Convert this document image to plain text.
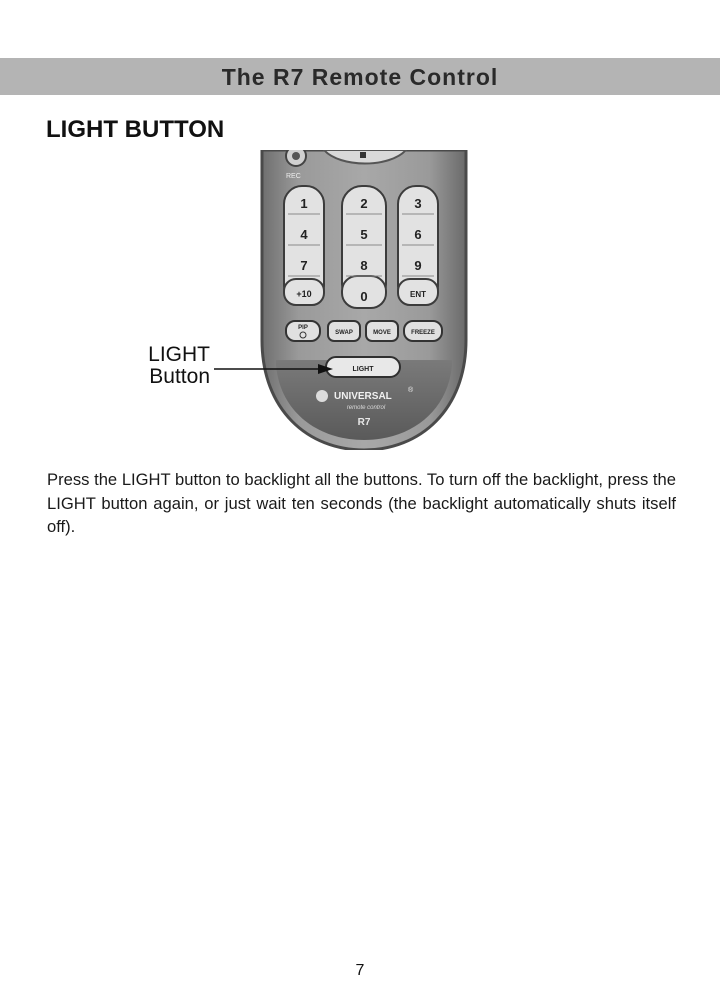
The R7 Remote Control
LIGHT BUTTON
REC
1	2	3
4	5	6
7	8	9
+10	0	ENT
PIP
SWAP	MOVE	FREEZE
LIGHT
UNIVERSAL
®
remote control
R7
LIGHT
Button

Press the LIGHT button to backlight all the buttons. To turn off the backlight, press the LIGHT button again, or just wait ten seconds (the backlight automatically shuts itself off).

7
